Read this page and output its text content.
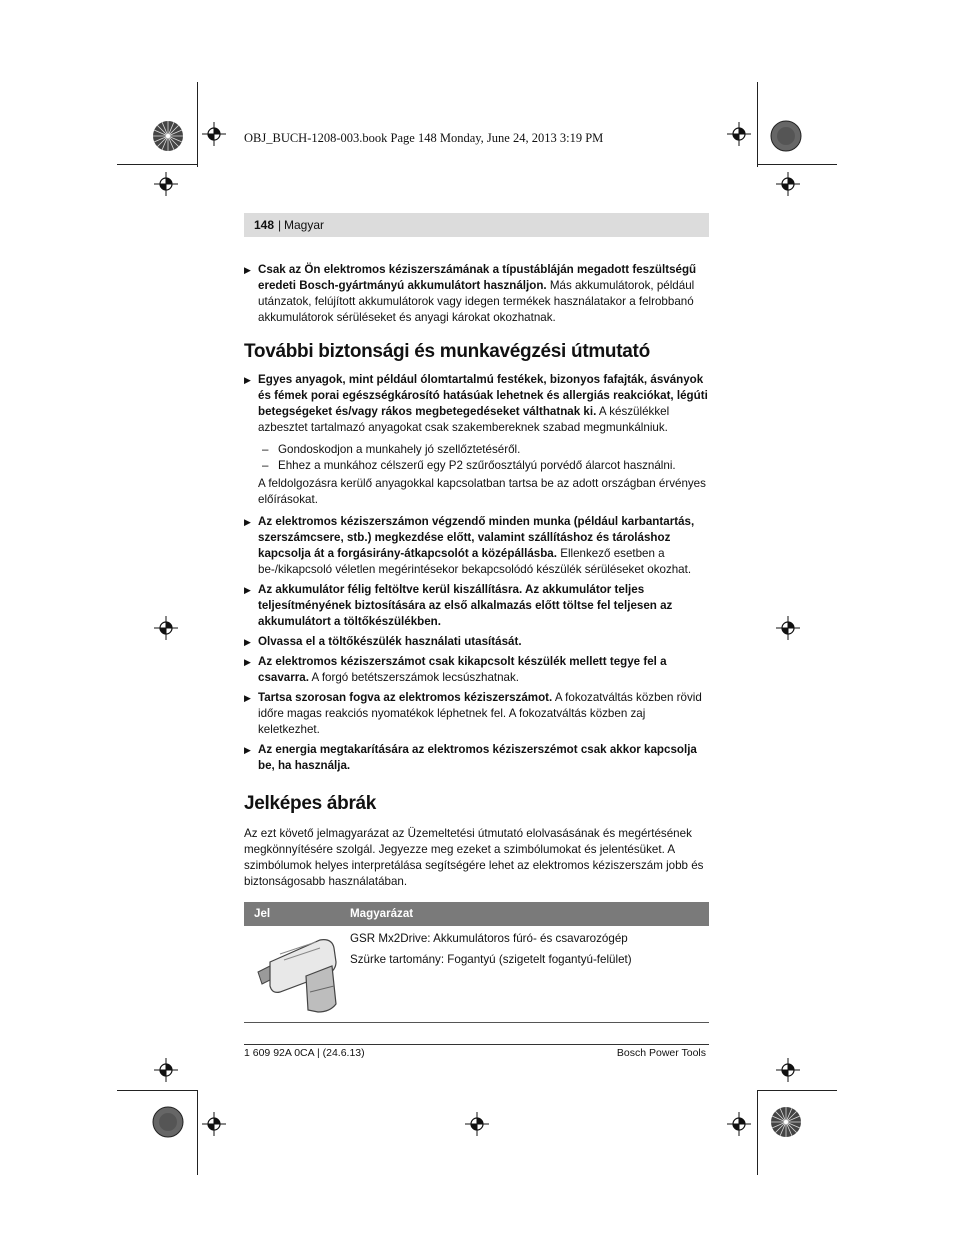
OBJ_BUCH-1208-003.book Page 148 Monday, June 24, 2013 3:19 PM
148 | Magyar
▶ Csak az Ön elektromos kéziszerszámának a típustábláján megadott feszültségű eredeti Bosch-gyártmányú akkumulátort használjon. Más akkumulátorok, például utánzatok, felújított akkumulátorok vagy idegen termékek használatakor a felrobbanó akkumulátorok sérüléseket és anyagi károkat okozhatnak.
További biztonsági és munkavégzési útmutató
▶ Egyes anyagok, mint például ólomtartalmú festékek, bizonyos fafajták, ásványok és fémek porai egészségkárosító hatásúak lehetnek és allergiás reakciókat, légúti betegségeket és/vagy rákos megbetegedéseket válthatnak ki. A készülékkel azbesztet tartalmazó anyagokat csak szakembereknek szabad megmunkálniuk.
– Gondoskodjon a munkahely jó szellőztetéséről.
– Ehhez a munkához célszerű egy P2 szűrőosztályú porvédő álarcot használni.
A feldolgozásra kerülő anyagokkal kapcsolatban tartsa be az adott országban érvényes előírásokat.
▶ Az elektromos kéziszerszámon végzendő minden munka (például karbantartás, szerszámcsere, stb.) megkezdése előtt, valamint szállításhoz és tároláshoz kapcsolja át a forgásirány-átkapcsolót a középállásba. Ellenkező esetben a be-/kikapcsoló véletlen megérintésekor bekapcsolódó készülék sérüléseket okozhat.
▶ Az akkumulátor félig feltöltve kerül kiszállításra. Az akkumulátor teljes teljesítményének biztosítására az első alkalmazás előtt töltse fel teljesen az akkumulátort a töltőkészülékben.
▶ Olvassa el a töltőkészülék használati utasítását.
▶ Az elektromos kéziszerszámot csak kikapcsolt készülék mellett tegye fel a csavarra. A forgó betétszerszámok lecsúszhatnak.
▶ Tartsa szorosan fogva az elektromos kéziszerszámot. A fokozatváltás közben rövid időre magas reakciós nyomatékok léphetnek fel. A fokozatváltás közben zaj keletkezhet.
▶ Az energia megtakarítására az elektromos kéziszerszémot csak akkor kapcsolja be, ha használja.
Jelképes ábrák
Az ezt követő jelmagyarázat az Üzemeltetési útmutató elolvasásának és megértésének megkönnyítésére szolgál. Jegyezze meg ezeket a szimbólumokat és jelentésüket. A szimbólumok helyes interpretálása segítségére lehet az elektromos kéziszerszám jobb és biztonságosabb használatában.
Jel	Magyarázat
GSR Mx2Drive: Akkumulátoros fúró- és csavarozógép
Szürke tartomány: Fogantyú (szigetelt fogantyú-felület)
1 609 92A 0CA | (24.6.13)	Bosch Power Tools
